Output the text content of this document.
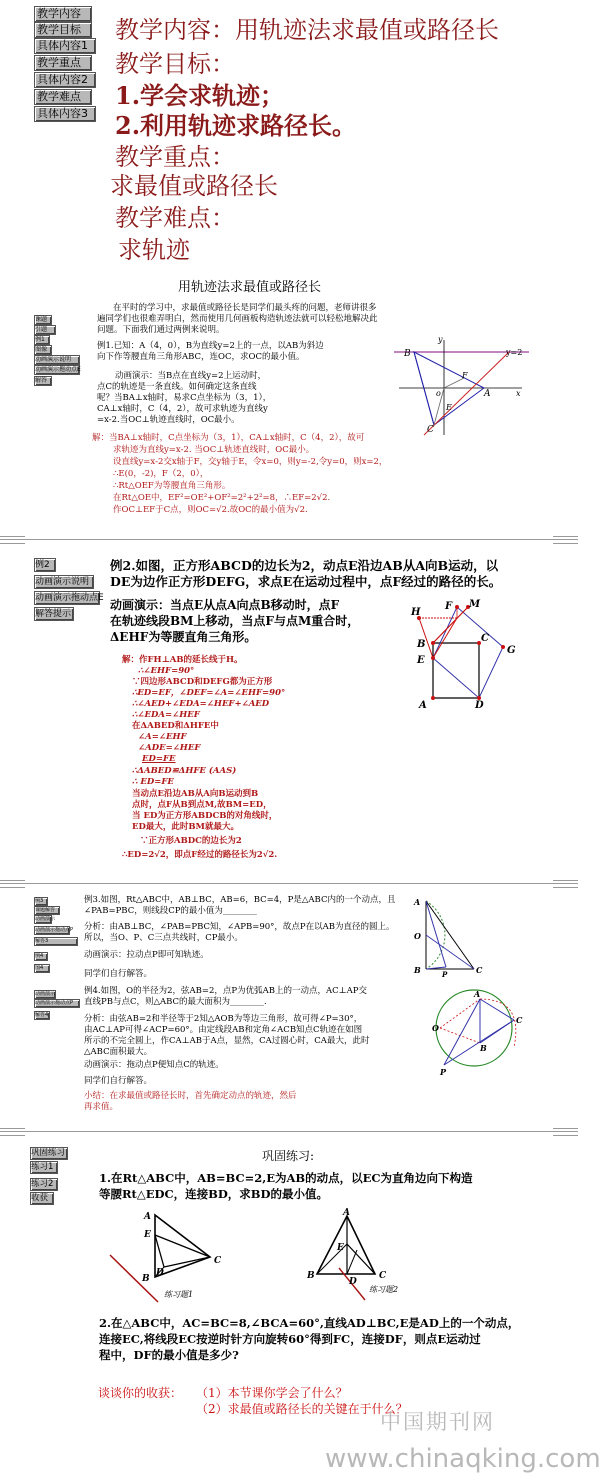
教学内容
教学目标
具体内容1
教学重点
具体内容2
教学难点
具体内容3
教学内容：用轨迹法求最值或路径长
教学目标：
1.学会求轨迹；
2.利用轨迹求路径长。
教学重点：
求最值或路径长
教学难点：
求轨迹
用轨迹法求最值或路径长
课题
引题
例1
图像
动画演示说明
动画演示拖动点E
解答
在平时的学习中，求最值或路径长是同学们最头疼的问题，老师讲很多
遍同学们也很难弄明白，然而使用几何画板构造轨迹法就可以轻松地解决此
问题。下面我们通过两例来说明。
例1.已知：A（4，0），B为直线y=2上的一点，以AB为斜边
向下作等腰直角三角形ABC，连OC，求OC的最小值。
动画演示：当B点在直线y=2上运动时，
点C的轨迹是一条直线。如何确定这条直线
呢？当BA⊥x轴时，易求C点坐标为（3，1），
CA⊥x轴时，C（4，2），故可求轨迹为直线y
=x-2.当OC⊥轨迹直线时，OC最小。
解：当BA⊥x轴时，C点坐标为（3，1），CA⊥x轴时，C（4，2），故可
求轨迹为直线y=x-2. 当OC⊥轨迹直线时，OC最小。
设直线y=x-2交x轴于F，交y轴于E，令x=0，则y=-2,令y=0，则x=2，
∴E(0，-2)，F（2，0），
∴Rt△OEF为等腰直角三角形。
在Rt△OE中，EF²=OE²+OF²=2²+2²=8，∴EF=2√2.
作OC⊥EF于C点，则OC=√2.故OC的最小值为√2.
B
C
E
F
A
o
y=2
y
x
例2
动画演示说明
动画演示拖动点E
解答提示
例2.如图，正方形ABCD的边长为2，动点E沿边AB从A向B运动，以
DE为边作正方形DEFG，求点E在运动过程中，点F经过的路径的长。
动画演示：当点E从点A向点B移动时，点F
在轨迹线段BM上移动，当点F与点M重合时，
ΔEHF为等腰直角三角形。
解：作FH⊥AB的延长线于H。
∴∠EHF=90°
∵四边形ABCD和DEFG都为正方形
∴ED=EF，∠DEF=∠A=∠EHF=90°
∴∠AED+∠EDA=∠HEF+∠AED
∴∠EDA=∠HEF
在ΔABED和ΔHFE中
∠A=∠EHF
∠ADE=∠HEF
ED=FE
∴ΔABED≌ΔHFE (AAS)
∴ ED=FE
当动点E沿边AB从A向B运动到B
点时，点F从B到点M,故BM=ED，
当 ED为正方形ABDCB的对角线时，
ED最大，此时BM就最大。
∵正方形ABDC的边长为2
∴ED=2√2，即点F经过的路径长为2√2.
H
F M
B
C
G
E
A	D
例3
课题解答
动画演示
动画演示拖动点P
解答3
例4
图4
动画演示
动画演示拖动点P
解答4
例3.如图，Rt△ABC中，AB⊥BC，AB=6，BC=4，P是△ABC内的一个动点，且
∠PAB=PBC，则线段CP的最小值为________
分析：由AB⊥BC，∠PAB=PBC知，∠APB=90°，故点P在以AB为直径的圆上。
所以，当O、P、C三点共线时，CP最小。
动画演示：拉动点P即可知轨迹。
同学们自行解答。
例4.如图，O的半径为2，弦AB=2，点P为优弧AB上的一动点，AC⊥AP交
直线PB与点C，则△ABC的最大面积为________.
分析：由弦AB=2和半径等于2知△AOB为等边三角形，故可得∠P=30°，
由AC⊥AP可得∠ACP=60°。由定线段AB和定角∠ACB知点C轨迹在如图
所示的不完全圆上，作CA⊥AB于A点，显然，CA过圆心时，CA最大，此时
△ABC面积最大。
动画演示：拖动点P便知点C的轨迹。
同学们自行解答。
小结：在求最值或路径长时，首先确定动点的轨迹，然后
再求值。
A
O
P
B	C
A
C
O
B
P
巩固练习
练习1
练习2
收获
巩固练习:
1.在Rt△ABC中，AB=BC=2,E为AB的动点，以EC为直角边向下构造
等腰Rt△EDC，连接BD，求BD的最小值。
A
E
B
C
D
练习题1
A
E
B	C
D
练习题2
2.在△ABC中，AC=BC=8,∠BCA=60°,直线AD⊥BC,E是AD上的一个动点，
连接EC,将线段EC按逆时针方向旋转60°得到FC，连接DF，则点E运动过
程中，DF的最小值是多少?
谈谈你的收获： （1）本节课你学会了什么？
（2）求最值或路径长的关键在于什么？
中国期刊网
www.chinaqking.com
